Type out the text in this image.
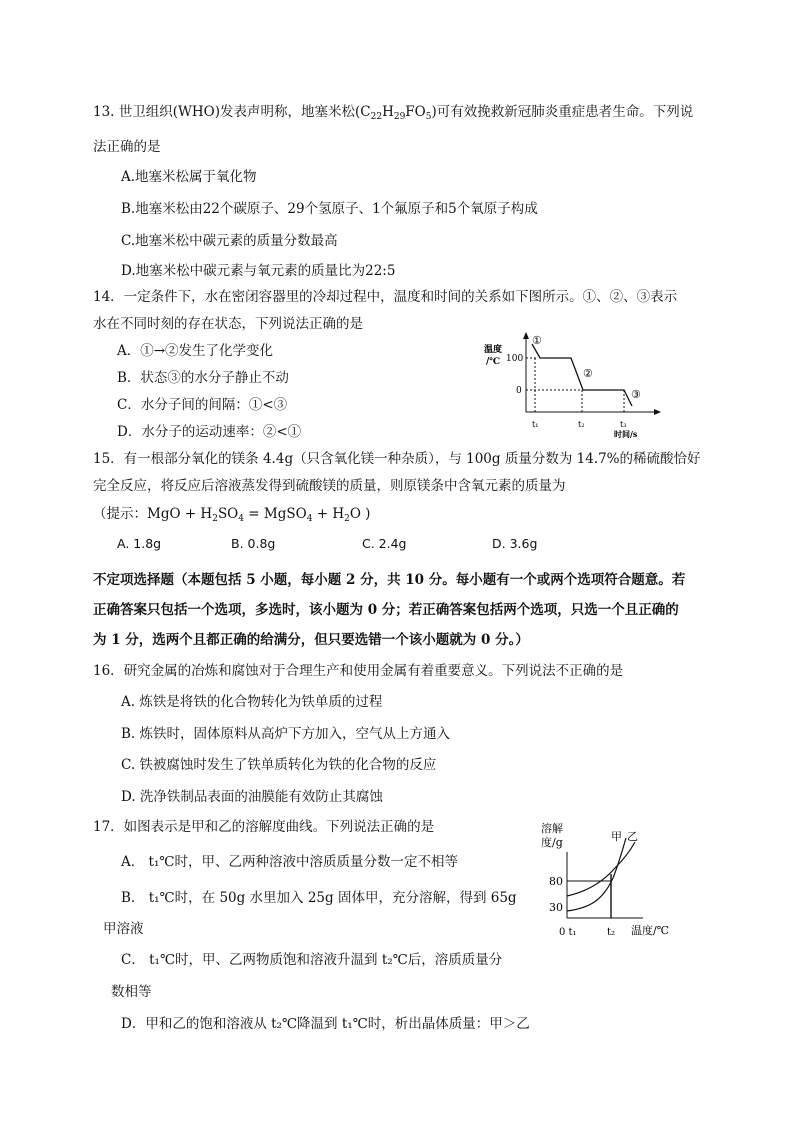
13. 世卫组织(WHO)发表声明称，地塞米松$(C_{22}H_{29}FO_5)$可有效挽救新冠肺炎重症患者生命。下列说
法正确的是
A.地塞米松属于氧化物
B.地塞米松由22个碳原子、29个氢原子、1个氟原子和5个氧原子构成
C.地塞米松中碳元素的质量分数最高
D.地塞米松中碳元素与氧元素的质量比为22:5
14．一定条件下，水在密闭容器里的冷却过程中，温度和时间的关系如下图所示。①、②、③表示
水在不同时刻的存在状态，下列说法正确的是
A．①→②发生了化学变化
B．状态③的水分子静止不动
C．水分子间的间隔：①<③
D．水分子的运动速率：②<①
温度
/℃ 100
0
t₁	t₂	t₃
时间/s
①
②
③
15．有一根部分氧化的镁条 4.4g（只含氧化镁一种杂质），与 100g 质量分数为 14.7%的稀硫酸恰好
完全反应，将反应后溶液蒸发得到硫酸镁的质量，则原镁条中含氧元素的质量为
（提示：MgO + $H_2SO_4$ = MgSO$_4$ + $H_2O$ )
A. 1.8g	B. 0.8g	C. 2.4g	D. 3.6g
不定项选择题（本题包括 5 小题，每小题 2 分，共 10 分。每小题有一个或两个选项符合题意。若
正确答案只包括一个选项，多选时，该小题为 0 分；若正确答案包括两个选项，只选一个且正确的
为 1 分，选两个且都正确的给满分，但只要选错一个该小题就为 0 分。）
16．研究金属的冶炼和腐蚀对于合理生产和使用金属有着重要意义。下列说法不正确的是
A. 炼铁是将铁的化合物转化为铁单质的过程
B. 炼铁时，固体原料从高炉下方加入，空气从上方通入
C. 铁被腐蚀时发生了铁单质转化为铁的化合物的反应
D. 洗净铁制品表面的油膜能有效防止其腐蚀
17．如图表示是甲和乙的溶解度曲线。下列说法正确的是
A． t₁℃时，甲、乙两种溶液中溶质质量分数一定不相等
B． t₁℃时，在 50g 水里加入 25g 固体甲，充分溶解，得到 65g
甲溶液
C． t₁℃时，甲、乙两物质饱和溶液升温到 t₂℃后，溶质质量分
数相等
D．甲和乙的饱和溶液从 t₂℃降温到 t₁℃时，析出晶体质量：甲＞乙
溶解
度/g	甲 乙
80
30
0 t₁	t₂ 温度/℃
